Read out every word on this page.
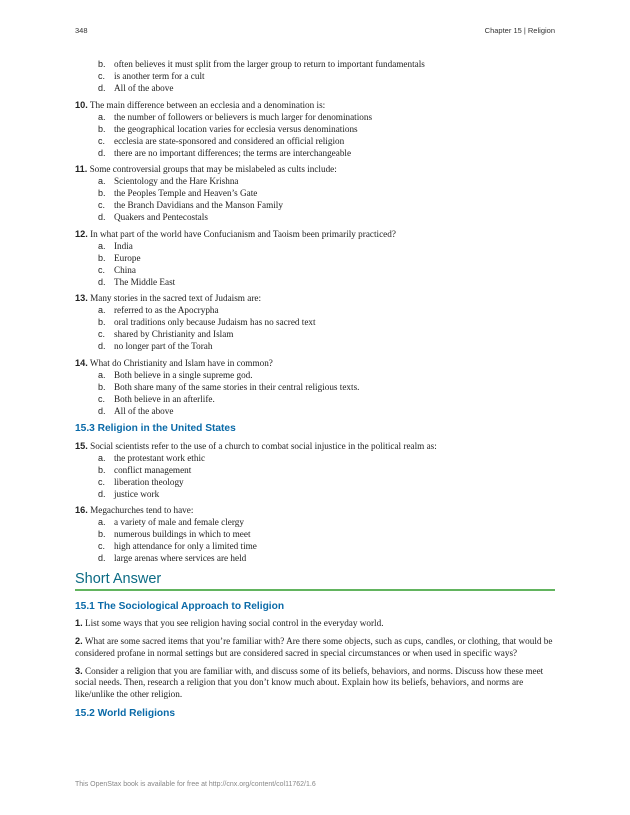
348	Chapter 15 | Religion
b. often believes it must split from the larger group to return to important fundamentals
c. is another term for a cult
d. All of the above
10. The main difference between an ecclesia and a denomination is:
a. the number of followers or believers is much larger for denominations
b. the geographical location varies for ecclesia versus denominations
c. ecclesia are state-sponsored and considered an official religion
d. there are no important differences; the terms are interchangeable
11. Some controversial groups that may be mislabeled as cults include:
a. Scientology and the Hare Krishna
b. the Peoples Temple and Heaven’s Gate
c. the Branch Davidians and the Manson Family
d. Quakers and Pentecostals
12. In what part of the world have Confucianism and Taoism been primarily practiced?
a. India
b. Europe
c. China
d. The Middle East
13. Many stories in the sacred text of Judaism are:
a. referred to as the Apocrypha
b. oral traditions only because Judaism has no sacred text
c. shared by Christianity and Islam
d. no longer part of the Torah
14. What do Christianity and Islam have in common?
a. Both believe in a single supreme god.
b. Both share many of the same stories in their central religious texts.
c. Both believe in an afterlife.
d. All of the above
15.3 Religion in the United States
15. Social scientists refer to the use of a church to combat social injustice in the political realm as:
a. the protestant work ethic
b. conflict management
c. liberation theology
d. justice work
16. Megachurches tend to have:
a. a variety of male and female clergy
b. numerous buildings in which to meet
c. high attendance for only a limited time
d. large arenas where services are held
Short Answer
15.1 The Sociological Approach to Religion
1. List some ways that you see religion having social control in the everyday world.
2. What are some sacred items that you’re familiar with? Are there some objects, such as cups, candles, or clothing, that would be considered profane in normal settings but are considered sacred in special circumstances or when used in specific ways?
3. Consider a religion that you are familiar with, and discuss some of its beliefs, behaviors, and norms. Discuss how these meet social needs. Then, research a religion that you don’t know much about. Explain how its beliefs, behaviors, and norms are like/unlike the other religion.
15.2 World Religions
This OpenStax book is available for free at http://cnx.org/content/col11762/1.6
